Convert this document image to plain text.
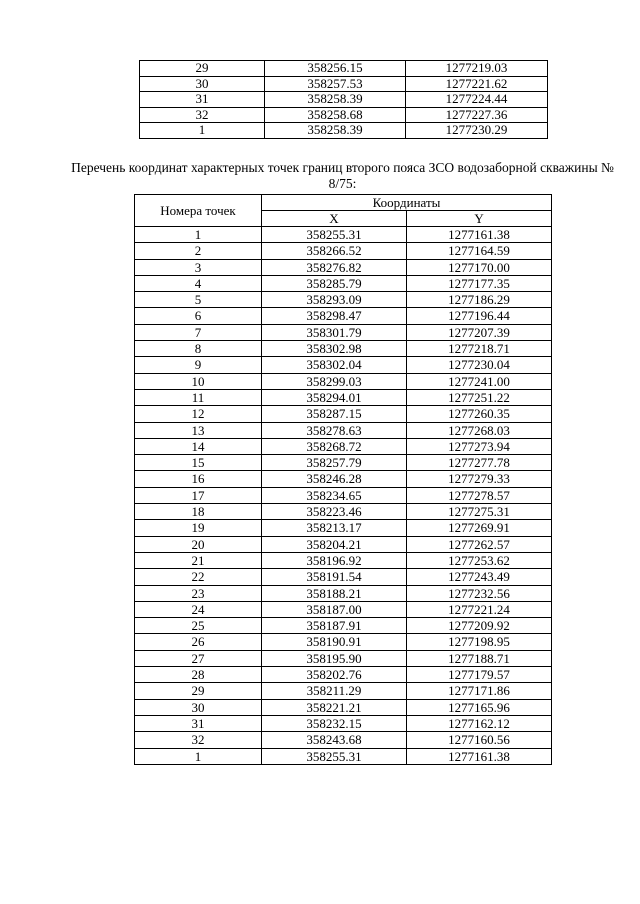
29	358256.15	1277219.03
30	358257.53	1277221.62
31	358258.39	1277224.44
32	358258.68	1277227.36
1	358258.39	1277230.29

Перечень координат характерных точек границ второго пояса ЗСО водозаборной скважины № 8/75:

Номера точек	Координаты	
	X	Y
1	358255.31	1277161.38
2	358266.52	1277164.59
3	358276.82	1277170.00
4	358285.79	1277177.35
5	358293.09	1277186.29
6	358298.47	1277196.44
7	358301.79	1277207.39
8	358302.98	1277218.71
9	358302.04	1277230.04
10	358299.03	1277241.00
11	358294.01	1277251.22
12	358287.15	1277260.35
13	358278.63	1277268.03
14	358268.72	1277273.94
15	358257.79	1277277.78
16	358246.28	1277279.33
17	358234.65	1277278.57
18	358223.46	1277275.31
19	358213.17	1277269.91
20	358204.21	1277262.57
21	358196.92	1277253.62
22	358191.54	1277243.49
23	358188.21	1277232.56
24	358187.00	1277221.24
25	358187.91	1277209.92
26	358190.91	1277198.95
27	358195.90	1277188.71
28	358202.76	1277179.57
29	358211.29	1277171.86
30	358221.21	1277165.96
31	358232.15	1277162.12
32	358243.68	1277160.56
1	358255.31	1277161.38
